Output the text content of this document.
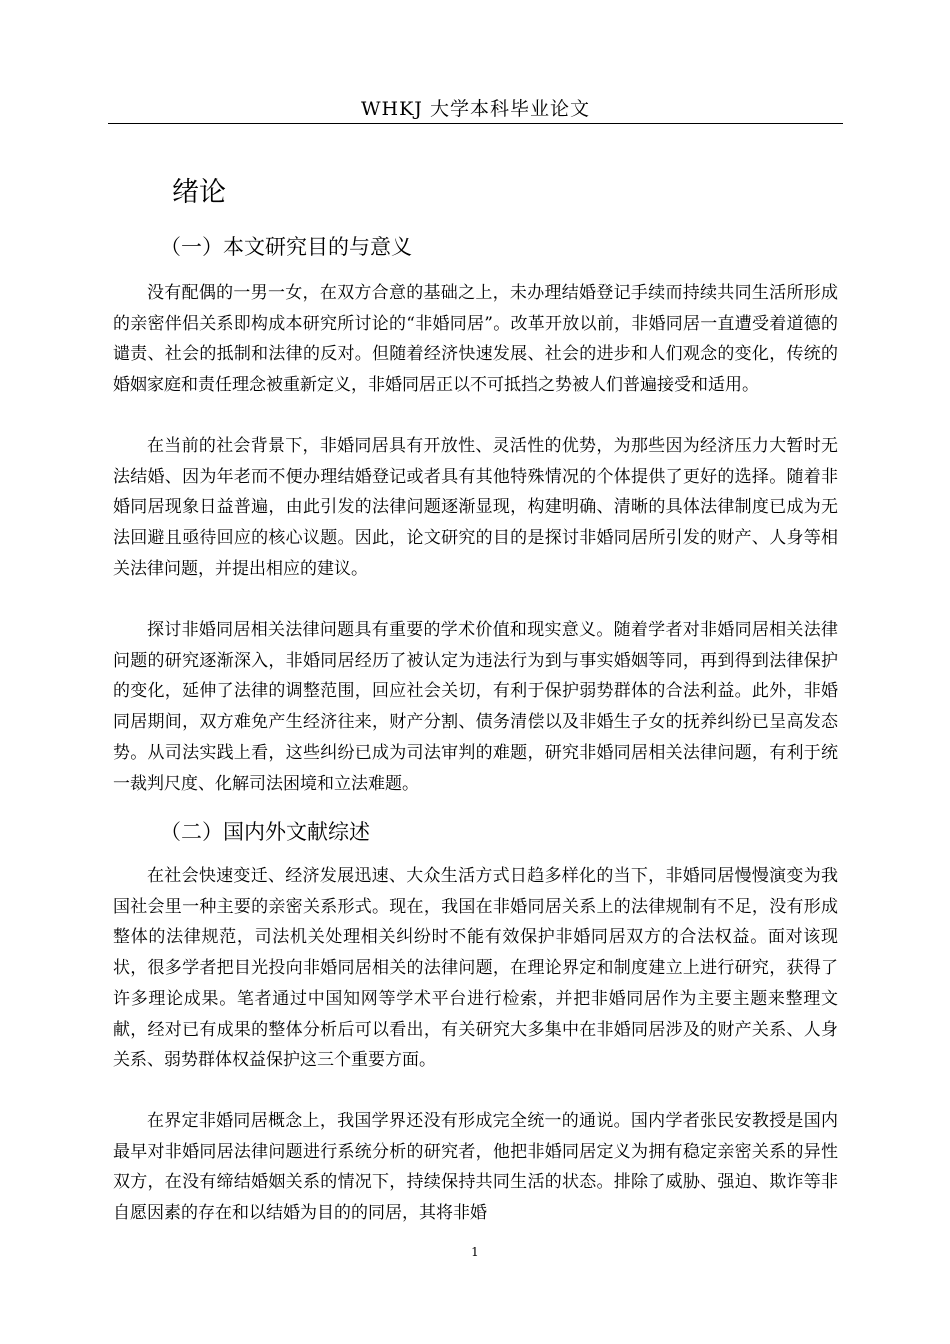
WHKJ 大学本科毕业论文
绪论
（一）本文研究目的与意义

没有配偶的一男一女，在双方合意的基础之上，未办理结婚登记手续而持续共同生活所形成的亲密伴侣关系即构成本研究所讨论的“非婚同居”。改革开放以前，非婚同居一直遭受着道德的谴责、社会的抵制和法律的反对。但随着经济快速发展、社会的进步和人们观念的变化，传统的婚姻家庭和责任理念被重新定义，非婚同居正以不可抵挡之势被人们普遍接受和适用。

在当前的社会背景下，非婚同居具有开放性、灵活性的优势，为那些因为经济压力大暂时无法结婚、因为年老而不便办理结婚登记或者具有其他特殊情况的个体提供了更好的选择。随着非婚同居现象日益普遍，由此引发的法律问题逐渐显现，构建明确、清晰的具体法律制度已成为无法回避且亟待回应的核心议题。因此，论文研究的目的是探讨非婚同居所引发的财产、人身等相关法律问题，并提出相应的建议。

探讨非婚同居相关法律问题具有重要的学术价值和现实意义。随着学者对非婚同居相关法律问题的研究逐渐深入，非婚同居经历了被认定为违法行为到与事实婚姻等同，再到得到法律保护的变化，延伸了法律的调整范围，回应社会关切，有利于保护弱势群体的合法利益。此外，非婚同居期间，双方难免产生经济往来，财产分割、债务清偿以及非婚生子女的抚养纠纷已呈高发态势。从司法实践上看，这些纠纷已成为司法审判的难题，研究非婚同居相关法律问题，有利于统一裁判尺度、化解司法困境和立法难题。

（二）国内外文献综述

在社会快速变迁、经济发展迅速、大众生活方式日趋多样化的当下，非婚同居慢慢演变为我国社会里一种主要的亲密关系形式。现在，我国在非婚同居关系上的法律规制有不足，没有形成整体的法律规范，司法机关处理相关纠纷时不能有效保护非婚同居双方的合法权益。面对该现状，很多学者把目光投向非婚同居相关的法律问题，在理论界定和制度建立上进行研究，获得了许多理论成果。笔者通过中国知网等学术平台进行检索，并把非婚同居作为主要主题来整理文献，经对已有成果的整体分析后可以看出，有关研究大多集中在非婚同居涉及的财产关系、人身关系、弱势群体权益保护这三个重要方面。

在界定非婚同居概念上，我国学界还没有形成完全统一的通说。国内学者张民安教授是国内最早对非婚同居法律问题进行系统分析的研究者，他把非婚同居定义为拥有稳定亲密关系的异性双方，在没有缔结婚姻关系的情况下，持续保持共同生活的状态。排除了威胁、强迫、欺诈等非自愿因素的存在和以结婚为目的的同居，其将非婚

1
